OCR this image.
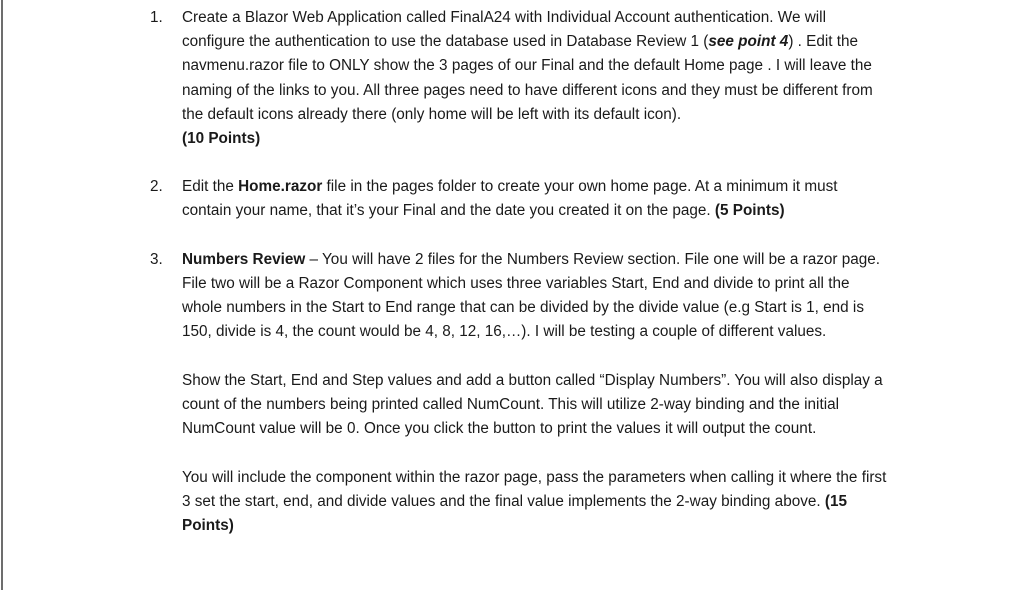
1. Create a Blazor Web Application called FinalA24 with Individual Account authentication. We will configure the authentication to use the database used in Database Review 1 (see point 4) . Edit the navmenu.razor file to ONLY show the 3 pages of our Final and the default Home page . I will leave the naming of the links to you. All three pages need to have different icons and they must be different from the default icons already there (only home will be left with its default icon).
(10 Points)

2. Edit the Home.razor file in the pages folder to create your own home page. At a minimum it must contain your name, that it’s your Final and the date you created it on the page. (5 Points)

3. Numbers Review – You will have 2 files for the Numbers Review section. File one will be a razor page. File two will be a Razor Component which uses three variables Start, End and divide to print all the whole numbers in the Start to End range that can be divided by the divide value (e.g Start is 1, end is 150, divide is 4, the count would be 4, 8, 12, 16,…). I will be testing a couple of different values.

Show the Start, End and Step values and add a button called “Display Numbers”. You will also display a count of the numbers being printed called NumCount. This will utilize 2-way binding and the initial NumCount value will be 0. Once you click the button to print the values it will output the count.

You will include the component within the razor page, pass the parameters when calling it where the first 3 set the start, end, and divide values and the final value implements the 2-way binding above. (15 Points)
